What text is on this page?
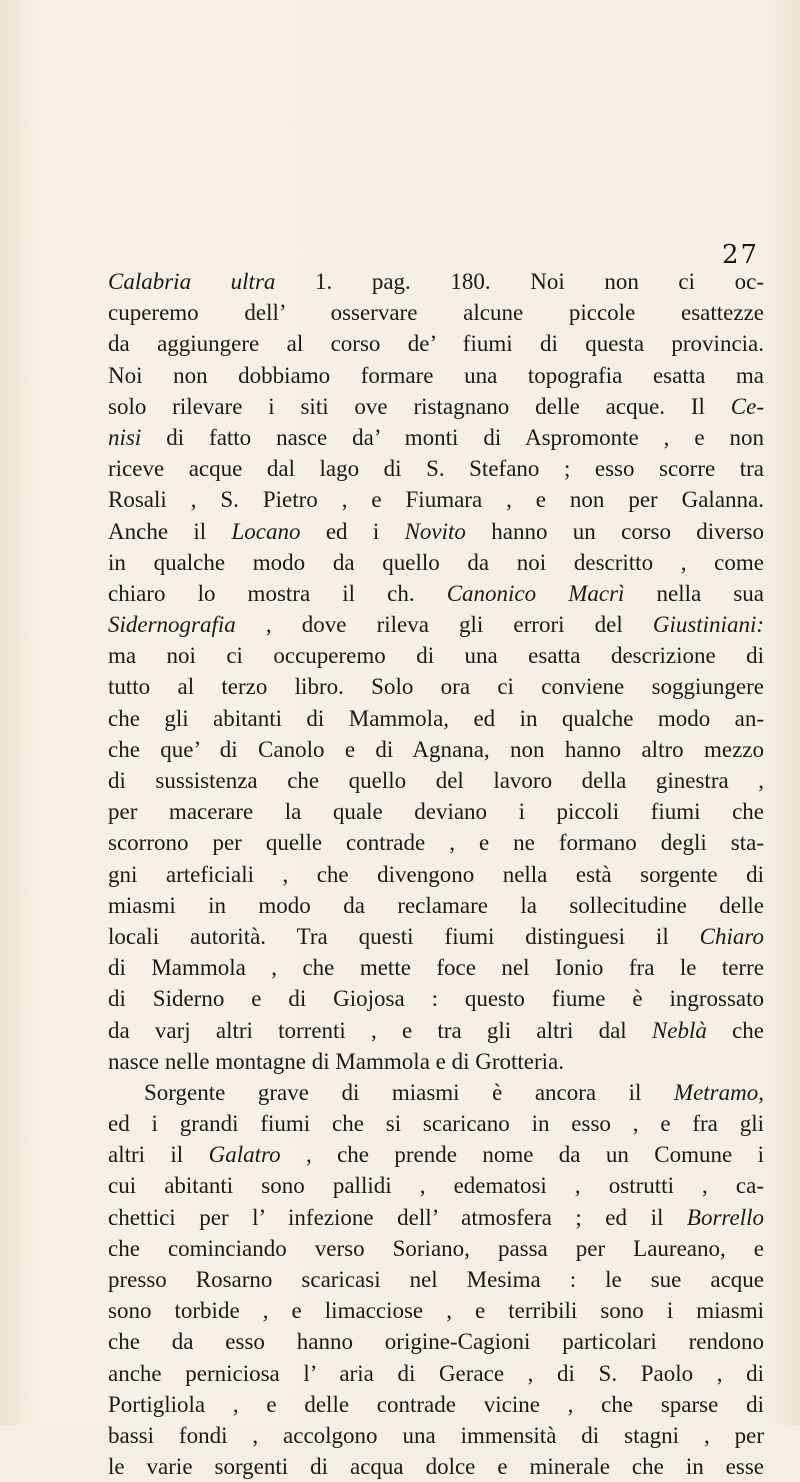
27
Calabria ultra 1. pag. 180. Noi non ci oc-
cuperemo dell’ osservare alcune piccole esattezze
da aggiungere al corso de’ fiumi di questa provincia.
Noi non dobbiamo formare una topografia esatta ma
solo rilevare i siti ove ristagnano delle acque. Il Ce-
nisi di fatto nasce da’ monti di Aspromonte , e non
riceve acque dal lago di S. Stefano ; esso scorre tra
Rosali , S. Pietro , e Fiumara , e non per Galanna.
Anche il Locano ed i Novito hanno un corso diverso
in qualche modo da quello da noi descritto , come
chiaro lo mostra il ch. Canonico Macrì nella sua
Sidernografia , dove rileva gli errori del Giustiniani:
ma noi ci occuperemo di una esatta descrizione di
tutto al terzo libro. Solo ora ci conviene soggiungere
che gli abitanti di Mammola, ed in qualche modo an-
che que’ di Canolo e di Agnana, non hanno altro mezzo
di sussistenza che quello del lavoro della ginestra ,
per macerare la quale deviano i piccoli fiumi che
scorrono per quelle contrade , e ne formano degli sta-
gni arteficiali , che divengono nella està sorgente di
miasmi in modo da reclamare la sollecitudine delle
locali autorità. Tra questi fiumi distinguesi il Chiaro
di Mammola , che mette foce nel Ionio fra le terre
di Siderno e di Giojosa : questo fiume è ingrossato
da varj altri torrenti , e tra gli altri dal Neblà che
nasce nelle montagne di Mammola e di Grotteria.
Sorgente grave di miasmi è ancora il Metramo,
ed i grandi fiumi che si scaricano in esso , e fra gli
altri il Galatro , che prende nome da un Comune i
cui abitanti sono pallidi , edematosi , ostrutti , ca-
chettici per l’ infezione dell’ atmosfera ; ed il Borrello
che cominciando verso Soriano, passa per Laureano, e
presso Rosarno scaricasi nel Mesima : le sue acque
sono torbide , e limacciose , e terribili sono i miasmi
che da esso hanno origine-Cagioni particolari rendono
anche perniciosa l’ aria di Gerace , di S. Paolo , di
Portigliola , e delle contrade vicine , che sparse di
bassi fondi , accolgono una immensità di stagni , per
le varie sorgenti di acqua dolce e minerale che in esse
